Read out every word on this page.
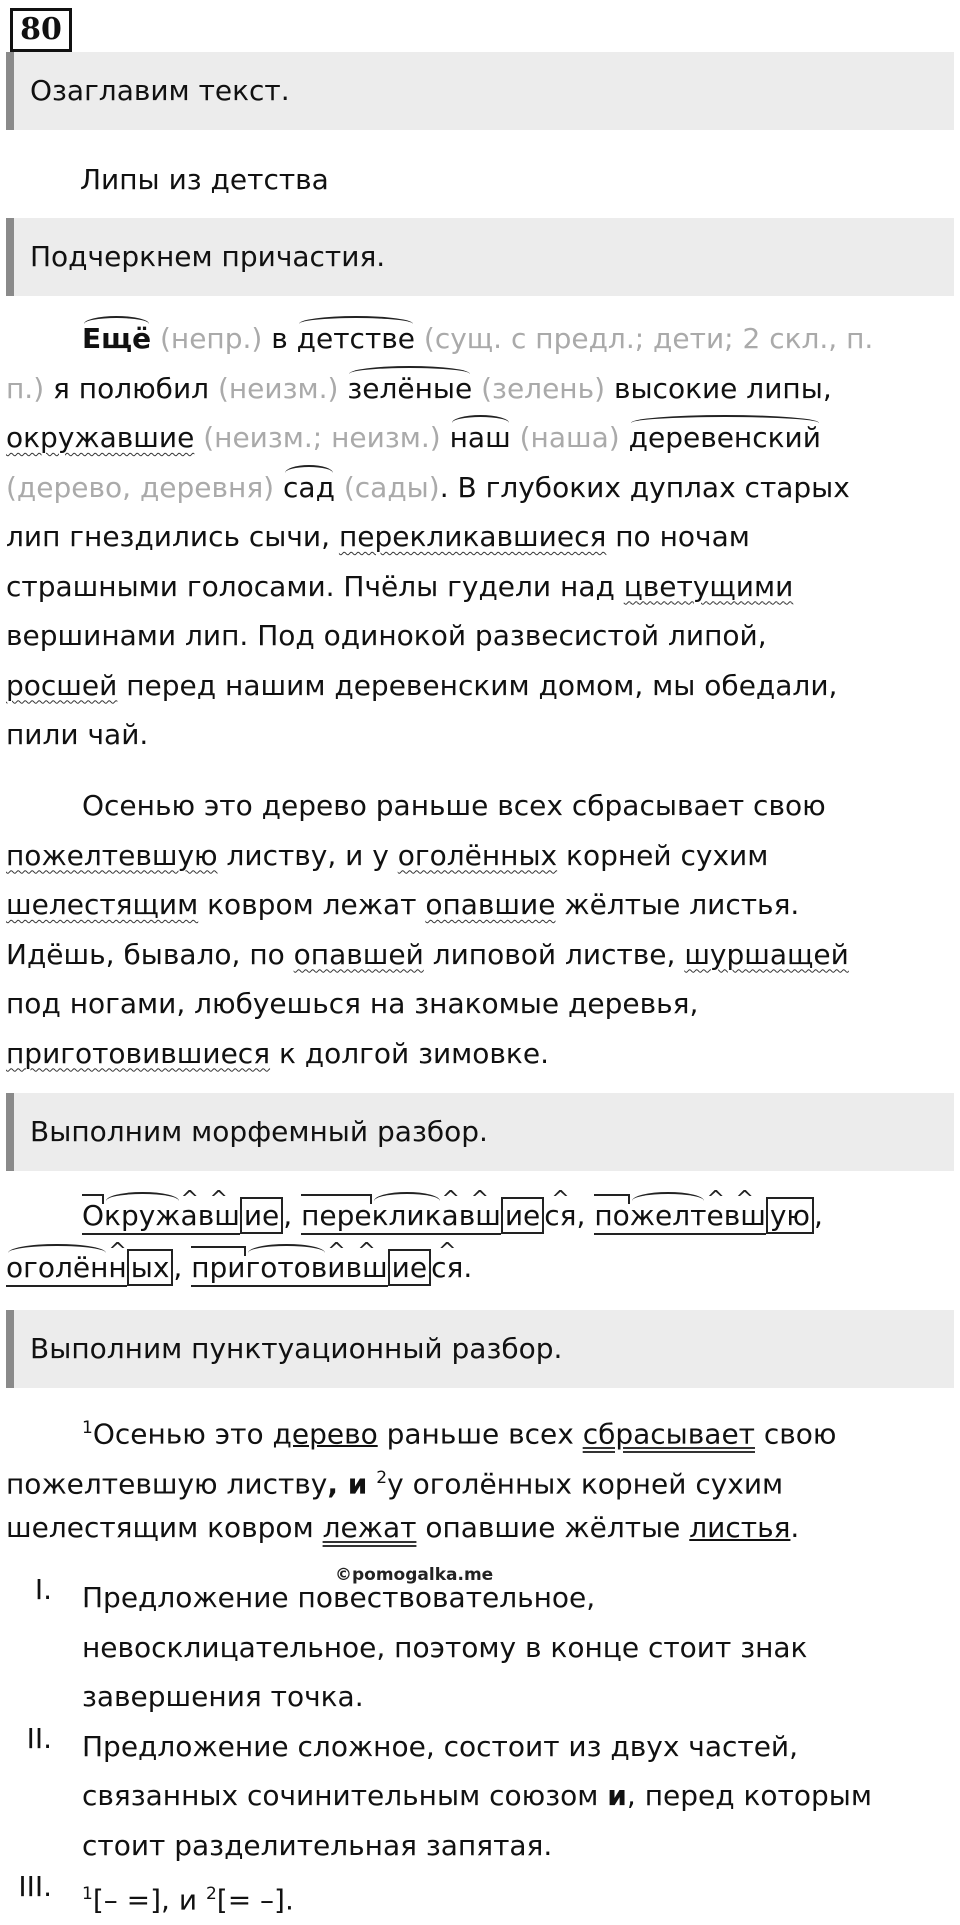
80
Озаглавим текст.
Липы из детства
Подчеркнем причастия.
Ещё (непр.) в детстве (сущ. с предл.; дети; 2 скл., п.
п.) я полюбил (неизм.) зелёные (зелень) высокие липы,
окружавшие (неизм.; неизм.) наш (наша) деревенский
(дерево, деревня) сад (сады). В глубоких дуплах старых
лип гнездились сычи, перекликавшиеся по ночам
страшными голосами. Пчёлы гудели над цветущими
вершинами лип. Под одинокой развесистой липой,
росшей перед нашим деревенским домом, мы обедали,
пили чай.
Осенью это дерево раньше всех сбрасывает свою
пожелтевшую листву, и у оголённых корней сухим
шелестящим ковром лежат опавшие жёлтые листья.
Идёшь, бывало, по опавшей липовой листве, шуршащей
под ногами, любуешься на знакомые деревья,
приготовившиеся к долгой зимовке.
Выполним морфемный разбор.
Окруж^ а^ вш ие , переклик^ а^ вш ие ^ ся, пожелт^ е^ вш ую ,
оголён^ н ых , приготов^ и^ вш ие ^ ся.
Выполним пунктуационный разбор.
$^1$Осенью это дерево раньше всех сбрасывает свою
пожелтевшую листву, и $^2$у оголённых корней сухим
шелестящим ковром лежат опавшие жёлтые листья.
©pomogalka.me
I. Предложение повествовательное,
невосклицательное, поэтому в конце стоит знак
завершения точка.
II. Предложение сложное, состоит из двух частей,
связанных сочинительным союзом и, перед которым
стоит разделительная запятая.
III. $^1$[– =], и $^2$[= –].
